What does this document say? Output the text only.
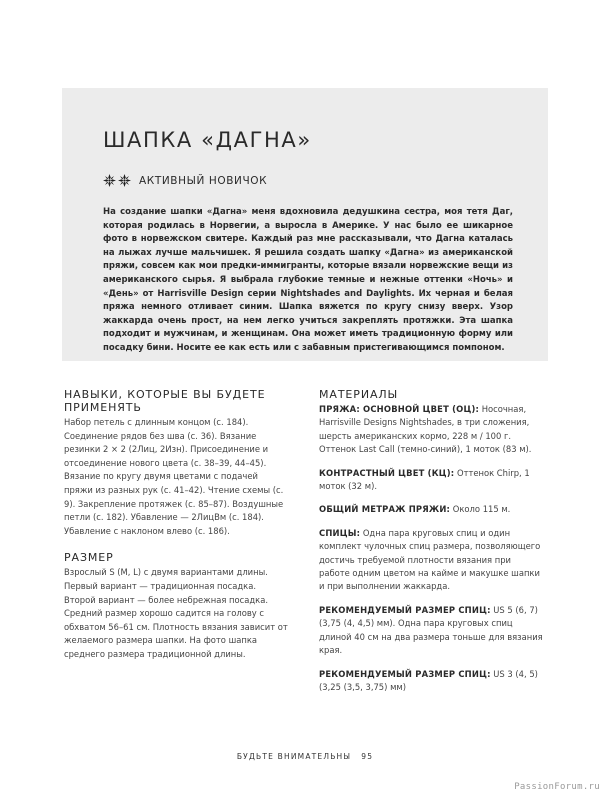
ШАПКА «ДАГНА»
АКТИВНЫЙ НОВИЧОК

На создание шапки «Дагна» меня вдохновила дедушкина сестра, моя тетя Даг, которая родилась в Норвегии, а выросла в Америке. У нас было ее шикарное фото в норвежском свитере. Каждый раз мне рассказывали, что Дагна каталась на лыжах лучше мальчишек. Я решила создать шапку «Дагна» из американской пряжи, совсем как мои предки-иммигранты, которые вязали норвежские вещи из американского сырья. Я выбрала глубокие темные и нежные оттенки «Ночь» и «День» от Harrisville Design серии Nightshades and Daylights. Их черная и белая пряжа немного отливает синим. Шапка вяжется по кругу снизу вверх. Узор жаккарда очень прост, на нем легко учиться закреплять протяжки. Эта шапка подходит и мужчинам, и женщинам. Она может иметь традиционную форму или посадку бини. Носите ее как есть или с забавным пристегивающимся помпоном.

НАВЫКИ, КОТОРЫЕ ВЫ БУДЕТЕ ПРИМЕНЯТЬ

Набор петель с длинным концом (с. 184). Соединение рядов без шва (с. 36). Вязание резинки 2 × 2 (2Лиц, 2Изн). Присоединение и отсоединение нового цвета (с. 38–39, 44–45). Вязание по кругу двумя цветами с подачей пряжи из разных рук (с. 41–42). Чтение схемы (с. 9). Закрепление протяжек (с. 85–87). Воздушные петли (с. 182). Убавление — 2ЛицВм (с. 184). Убавление с наклоном влево (с. 186).

РАЗМЕР

Взрослый S (M, L) с двумя вариантами длины. Первый вариант — традиционная посадка. Второй вариант — более небрежная посадка. Средний размер хорошо садится на голову с обхватом 56–61 см. Плотность вязания зависит от желаемого размера шапки. На фото шапка среднего размера традиционной длины.

МАТЕРИАЛЫ

ПРЯЖА: ОСНОВНОЙ ЦВЕТ (ОЦ): Носочная, Harrisville Designs Nightshades, в три сложения, шерсть американских кормо, 228 м / 100 г. Оттенок Last Call (темно-синий), 1 моток (83 м).

КОНТРАСТНЫЙ ЦВЕТ (КЦ): Оттенок Chirp, 1 моток (32 м).

ОБЩИЙ МЕТРАЖ ПРЯЖИ: Около 115 м.

СПИЦЫ: Одна пара круговых спиц и один комплект чулочных спиц размера, позволяющего достичь требуемой плотности вязания при работе одним цветом на кайме и макушке шапки и при выполнении жаккарда.

РЕКОМЕНДУЕМЫЙ РАЗМЕР СПИЦ: US 5 (6, 7) (3,75 (4, 4,5) мм). Одна пара круговых спиц длиной 40 см на два размера тоньше для вязания края.

РЕКОМЕНДУЕМЫЙ РАЗМЕР СПИЦ: US 3 (4, 5) (3,25 (3,5, 3,75) мм)

БУДЬТЕ ВНИМАТЕЛЬНЫ 95
PassionForum.ru
